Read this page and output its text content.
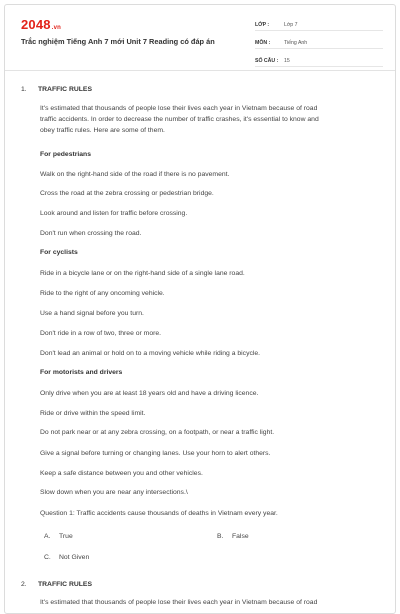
2048.vn
Trắc nghiệm Tiếng Anh 7 mới Unit 7 Reading có đáp án
LỚP :	Lớp 7
MÔN :	Tiếng Anh
SỐ CÂU :	15
1.	TRAFFIC RULES
It's estimated that thousands of people lose their lives each year in Vietnam because of road
traffic accidents. In order to decrease the number of traffic crashes, it's essential to know and
obey traffic rules. Here are some of them.
For pedestrians
Walk on the right-hand side of the road if there is no pavement.
Cross the road at the zebra crossing or pedestrian bridge.
Look around and listen for traffic before crossing.
Don't run when crossing the road.
For cyclists
Ride in a bicycle lane or on the right-hand side of a single lane road.
Ride to the right of any oncoming vehicle.
Use a hand signal before you turn.
Don't ride in a row of two, three or more.
Don't lead an animal or hold on to a moving vehicle while riding a bicycle.
For motorists and drivers
Only drive when you are at least 18 years old and have a driving licence.
Ride or drive within the speed limit.
Do not park near or at any zebra crossing, on a footpath, or near a traffic light.
Give a signal before turning or changing lanes. Use your horn to alert others.
Keep a safe distance between you and other vehicles.
Slow down when you are near any intersections.\
Question 1: Traffic accidents cause thousands of deaths in Vietnam every year.
A.	True	B.	False
C.	Not Given
2.	TRAFFIC RULES
It's estimated that thousands of people lose their lives each year in Vietnam because of road
